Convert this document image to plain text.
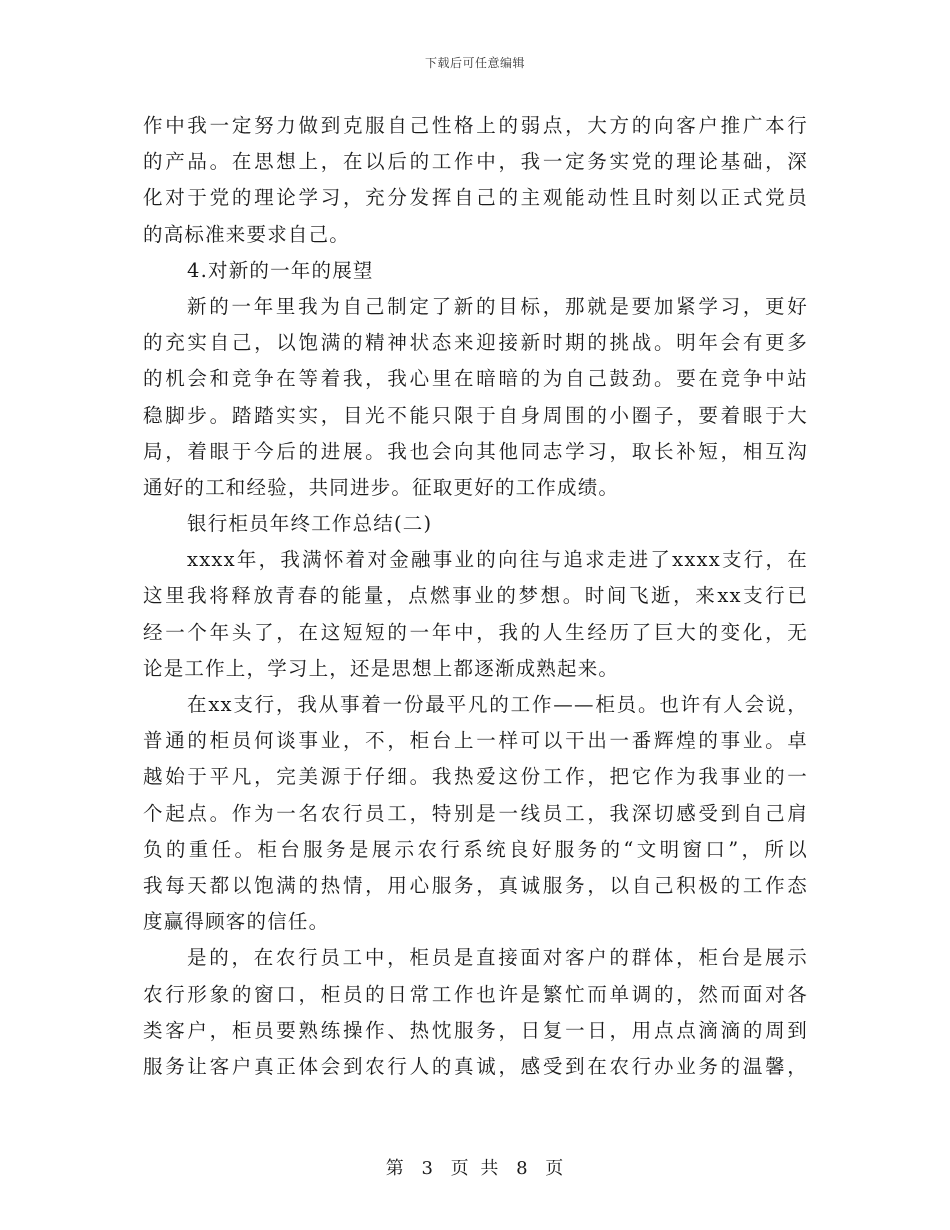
下载后可任意编辑
作中我一定努力做到克服自己性格上的弱点，大方的向客户推广本行
的产品。在思想上，在以后的工作中，我一定务实党的理论基础，深
化对于党的理论学习，充分发挥自己的主观能动性且时刻以正式党员
的高标准来要求自己。
4.对新的一年的展望
新的一年里我为自己制定了新的目标，那就是要加紧学习，更好
的充实自己，以饱满的精神状态来迎接新时期的挑战。明年会有更多
的机会和竞争在等着我，我心里在暗暗的为自己鼓劲。要在竞争中站
稳脚步。踏踏实实，目光不能只限于自身周围的小圈子，要着眼于大
局，着眼于今后的进展。我也会向其他同志学习，取长补短，相互沟
通好的工和经验，共同进步。征取更好的工作成绩。
银行柜员年终工作总结(二)
xxxx年，我满怀着对金融事业的向往与追求走进了xxxx支行，在
这里我将释放青春的能量，点燃事业的梦想。时间飞逝，来xx支行已
经一个年头了，在这短短的一年中，我的人生经历了巨大的变化，无
论是工作上，学习上，还是思想上都逐渐成熟起来。
在xx支行，我从事着一份最平凡的工作——柜员。也许有人会说，
普通的柜员何谈事业，不，柜台上一样可以干出一番辉煌的事业。卓
越始于平凡，完美源于仔细。我热爱这份工作，把它作为我事业的一
个起点。作为一名农行员工，特别是一线员工，我深切感受到自己肩
负的重任。柜台服务是展示农行系统良好服务的“文明窗口”，所以
我每天都以饱满的热情，用心服务，真诚服务，以自己积极的工作态
度赢得顾客的信任。
是的，在农行员工中，柜员是直接面对客户的群体，柜台是展示
农行形象的窗口，柜员的日常工作也许是繁忙而单调的，然而面对各
类客户，柜员要熟练操作、热忱服务，日复一日，用点点滴滴的周到
服务让客户真正体会到农行人的真诚，感受到在农行办业务的温馨，
第 3 页 共 8 页
